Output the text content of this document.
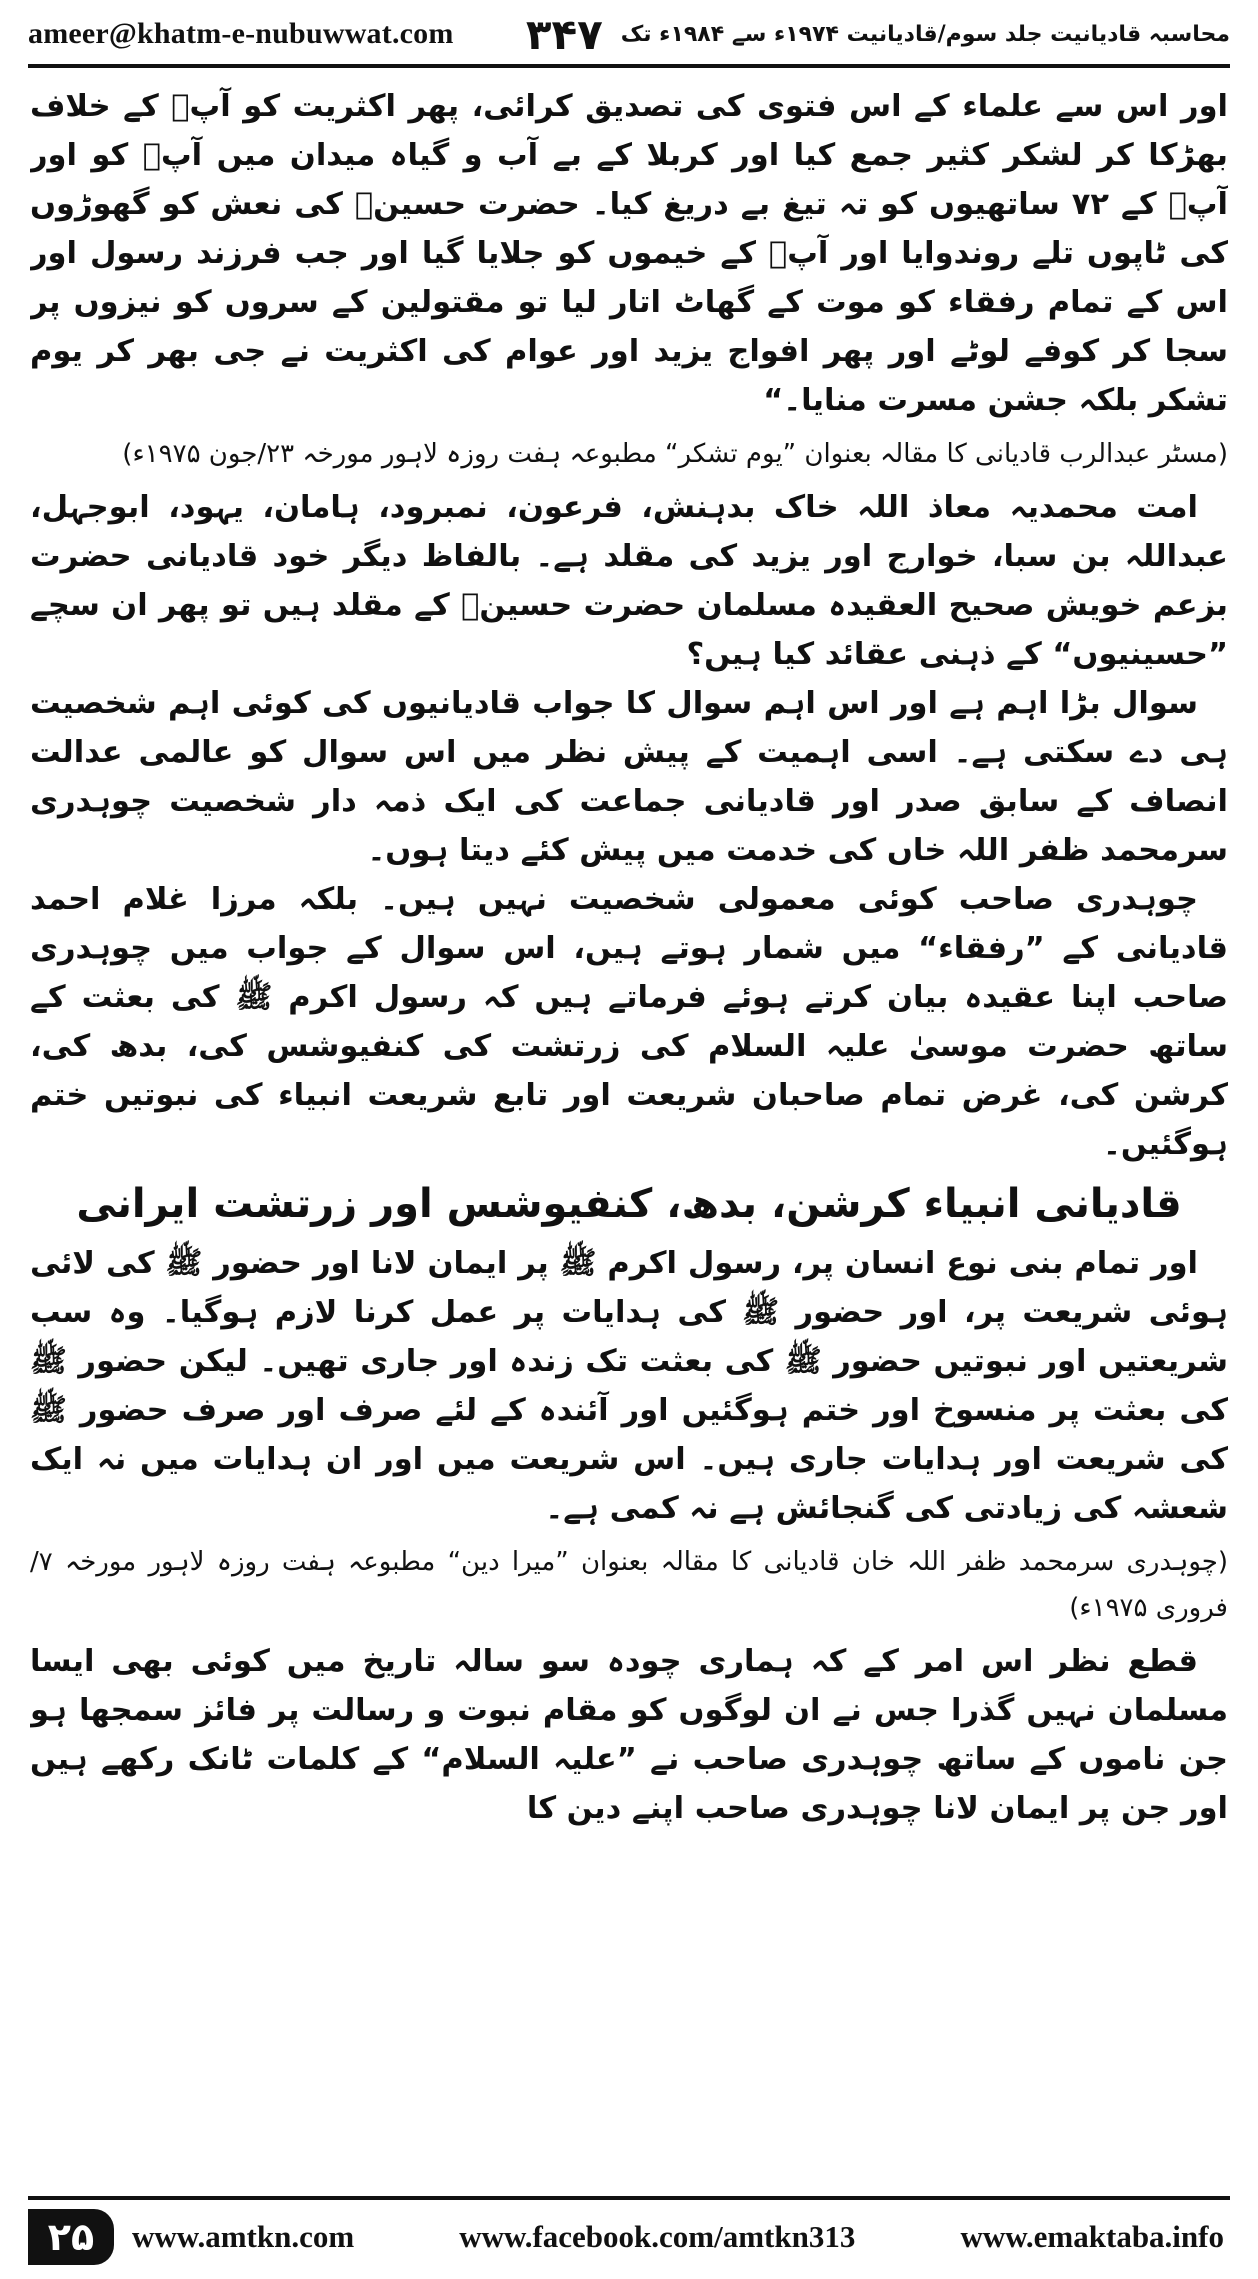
ameer@khatm-e-nubuwwat.com	محاسبہ قادیانیت جلد سوم/قادیانیت ۱۹۷۴ء سے ۱۹۸۴ء تک
۳۴۷

اور اس سے علماء کے اس فتوی کی تصدیق کرائی، پھر اکثریت کو آپؓ کے خلاف بھڑکا کر لشکر کثیر جمع کیا اور کربلا کے بے آب و گیاہ میدان میں آپؓ کو اور آپؓ کے ۷۲ ساتھیوں کو تہ تیغ بے دریغ کیا۔ حضرت حسینؓ کی نعش کو گھوڑوں کی ٹاپوں تلے روندوایا اور آپؓ کے خیموں کو جلایا گیا اور جب فرزند رسول اور اس کے تمام رفقاء کو موت کے گھاٹ اتار لیا تو مقتولین کے سروں کو نیزوں پر سجا کر کوفے لوٹے اور پھر افواج یزید اور عوام کی اکثریت نے جی بھر کر یوم تشکر بلکہ جشن مسرت منایا۔“

(مسٹر عبدالرب قادیانی کا مقالہ بعنوان ”یوم تشکر“ مطبوعہ ہفت روزہ لاہور مورخہ ۲۳/جون ۱۹۷۵ء)

امت محمدیہ معاذ اللہ خاک بدہنش، فرعون، نمبرود، ہامان، یہود، ابوجہل، عبداللہ بن سبا، خوارج اور یزید کی مقلد ہے۔ بالفاظ دیگر خود قادیانی حضرت بزعم خویش صحیح العقیدہ مسلمان حضرت حسینؓ کے مقلد ہیں تو پھر ان سچے ”حسینیوں“ کے ذہنی عقائد کیا ہیں؟

سوال بڑا اہم ہے اور اس اہم سوال کا جواب قادیانیوں کی کوئی اہم شخصیت ہی دے سکتی ہے۔ اسی اہمیت کے پیش نظر میں اس سوال کو عالمی عدالت انصاف کے سابق صدر اور قادیانی جماعت کی ایک ذمہ دار شخصیت چوہدری سرمحمد ظفر اللہ خاں کی خدمت میں پیش کئے دیتا ہوں۔

چوہدری صاحب کوئی معمولی شخصیت نہیں ہیں۔ بلکہ مرزا غلام احمد قادیانی کے ”رفقاء“ میں شمار ہوتے ہیں، اس سوال کے جواب میں چوہدری صاحب اپنا عقیدہ بیان کرتے ہوئے فرماتے ہیں کہ رسول اکرم ﷺ کی بعثت کے ساتھ حضرت موسیٰ علیہ السلام کی زرتشت کی کنفیوشس کی، بدھ کی، کرشن کی، غرض تمام صاحبان شریعت اور تابع شریعت انبیاء کی نبوتیں ختم ہوگئیں۔

قادیانی انبیاء کرشن، بدھ، کنفیوشس اور زرتشت ایرانی

اور تمام بنی نوع انسان پر، رسول اکرم ﷺ پر ایمان لانا اور حضور ﷺ کی لائی ہوئی شریعت پر، اور حضور ﷺ کی ہدایات پر عمل کرنا لازم ہوگیا۔ وہ سب شریعتیں اور نبوتیں حضور ﷺ کی بعثت تک زندہ اور جاری تھیں۔ لیکن حضور ﷺ کی بعثت پر منسوخ اور ختم ہوگئیں اور آئندہ کے لئے صرف اور صرف حضور ﷺ کی شریعت اور ہدایات جاری ہیں۔ اس شریعت میں اور ان ہدایات میں نہ ایک شعشہ کی زیادتی کی گنجائش ہے نہ کمی ہے۔

(چوہدری سرمحمد ظفر اللہ خان قادیانی کا مقالہ بعنوان ”میرا دین“ مطبوعہ ہفت روزہ لاہور مورخہ ۷/فروری ۱۹۷۵ء)

قطع نظر اس امر کے کہ ہماری چودہ سو سالہ تاریخ میں کوئی بھی ایسا مسلمان نہیں گذرا جس نے ان لوگوں کو مقام نبوت و رسالت پر فائز سمجھا ہو جن ناموں کے ساتھ چوہدری صاحب نے ”علیہ السلام“ کے کلمات ٹانک رکھے ہیں اور جن پر ایمان لانا چوہدری صاحب اپنے دین کا

۲۵	www.amtkn.com	www.facebook.com/amtkn313	www.emaktaba.info
